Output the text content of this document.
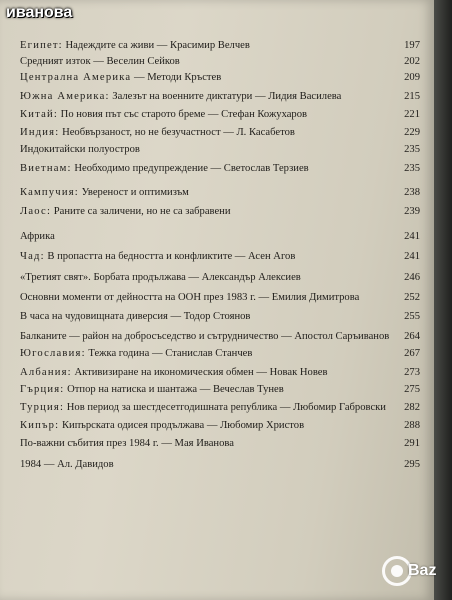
Египет: Надеждите са живи — Красимир Велчев	197
Средният изток — Веселин Сейков	202
Централна Америка — Методи Кръстев	209
Южна Америка: Залезът на военните диктатури — Лидия Василева	215
Китай: По новия път със старото бреме — Стефан Кожухаров	221
Индия: Необвързаност, но не безучастност — Л. Касабетов	229
Индокитайски полуостров	235
Виетнам: Необходимо предупреждение — Светослав Терзиев	235
Кампучия: Увереност и оптимизъм	238
Лаос: Раните са заличени, но не са забравени	239
Африка	241
Чад: В пропастта на бедността и конфликтите — Асен Агов	241
«Третият свят». Борбата продължава — Александър Алексиев	246
Основни моменти от дейността на ООН през 1983 г. — Емилия Димитрова	252
В часа на чудовищната диверсия — Тодор Стоянов	255
Балканите — район на добросъседство и сътрудничество — Апостол Саръиванов	264
Югославия: Тежка година — Станислав Станчев	267
Албания: Активизиране на икономическия обмен — Новак Новев	273
Гърция: Отпор на натиска и шантажа — Вечеслав Тунев	275
Турция: Нов период за шестдесетгодишната република — Любомир Габровски	282
Кипър: Кипърската одисея продължава — Любомир Христов	288
По-важни събития през 1984 г. — Мая Иванова	291
1984 — Ал. Давидов	295
иванова
Baz
